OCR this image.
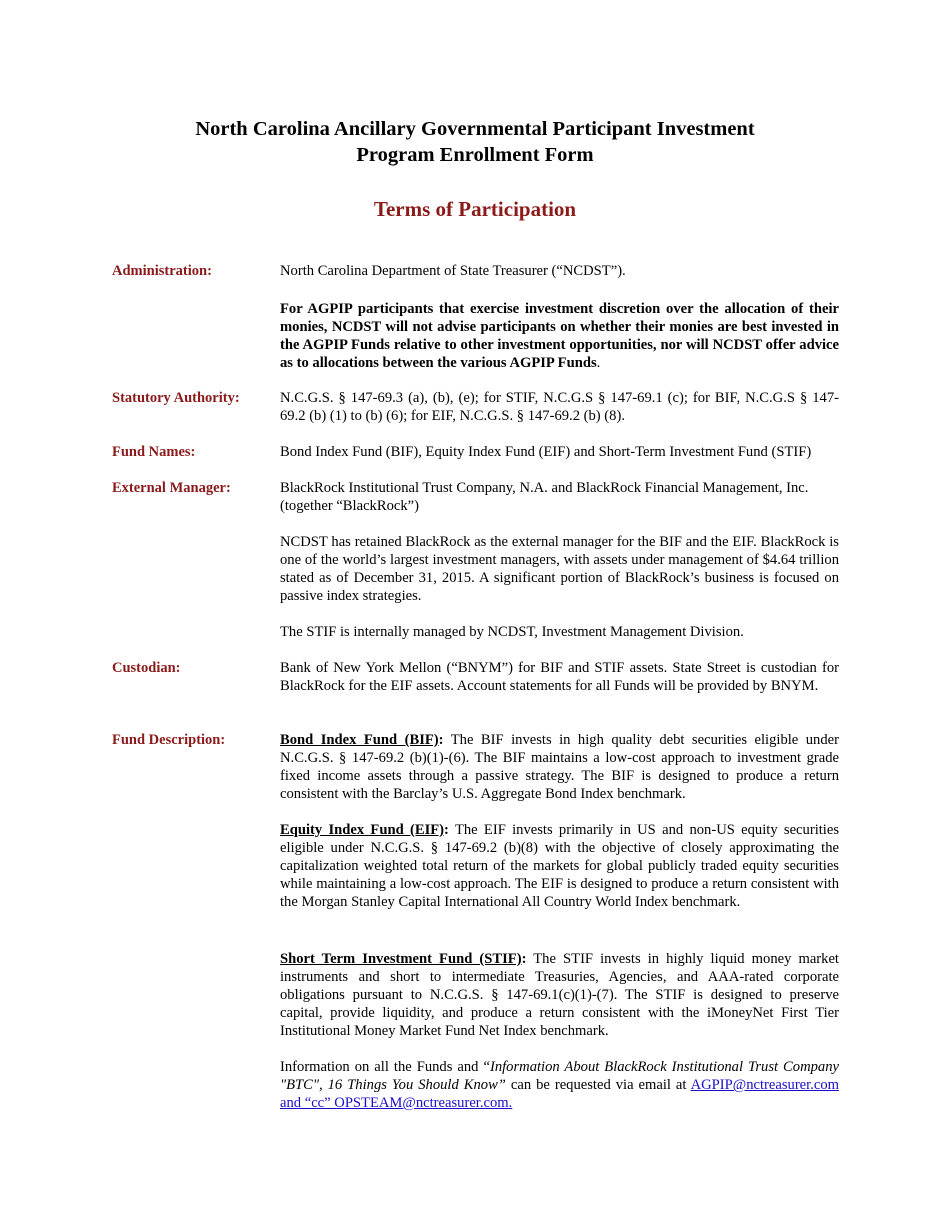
North Carolina Ancillary Governmental Participant Investment
Program Enrollment Form
Terms of Participation
Administration:	North Carolina Department of State Treasurer (“NCDST”).

For AGPIP participants that exercise investment discretion over the allocation of their monies, NCDST will not advise participants on whether their monies are best invested in the AGPIP Funds relative to other investment opportunities, nor will NCDST offer advice as to allocations between the various AGPIP Funds.

Statutory Authority:	N.C.G.S. § 147-69.3 (a), (b), (e); for STIF, N.C.G.S § 147-69.1 (c); for BIF, N.C.G.S § 147-69.2 (b) (1) to (b) (6); for EIF, N.C.G.S. § 147-69.2 (b) (8).

Fund Names:	Bond Index Fund (BIF), Equity Index Fund (EIF) and Short-Term Investment Fund (STIF)

External Manager:	BlackRock Institutional Trust Company, N.A. and BlackRock Financial Management, Inc. (together “BlackRock”)

NCDST has retained BlackRock as the external manager for the BIF and the EIF. BlackRock is one of the world’s largest investment managers, with assets under management of $4.64 trillion stated as of December 31, 2015. A significant portion of BlackRock’s business is focused on passive index strategies.

The STIF is internally managed by NCDST, Investment Management Division.

Custodian:	Bank of New York Mellon (“BNYM”) for BIF and STIF assets. State Street is custodian for BlackRock for the EIF assets. Account statements for all Funds will be provided by BNYM.

Fund Description:	Bond Index Fund (BIF): The BIF invests in high quality debt securities eligible under N.C.G.S. § 147-69.2 (b)(1)-(6). The BIF maintains a low-cost approach to investment grade fixed income assets through a passive strategy. The BIF is designed to produce a return consistent with the Barclay’s U.S. Aggregate Bond Index benchmark.

Equity Index Fund (EIF): The EIF invests primarily in US and non-US equity securities eligible under N.C.G.S. § 147-69.2 (b)(8) with the objective of closely approximating the capitalization weighted total return of the markets for global publicly traded equity securities while maintaining a low-cost approach. The EIF is designed to produce a return consistent with the Morgan Stanley Capital International All Country World Index benchmark.

Short Term Investment Fund (STIF): The STIF invests in highly liquid money market instruments and short to intermediate Treasuries, Agencies, and AAA-rated corporate obligations pursuant to N.C.G.S. § 147-69.1(c)(1)-(7). The STIF is designed to preserve capital, provide liquidity, and produce a return consistent with the iMoneyNet First Tier Institutional Money Market Fund Net Index benchmark.

Information on all the Funds and “Information About BlackRock Institutional Trust Company "BTC", 16 Things You Should Know” can be requested via email at AGPIP@nctreasurer.com and “cc” OPSTEAM@nctreasurer.com.
